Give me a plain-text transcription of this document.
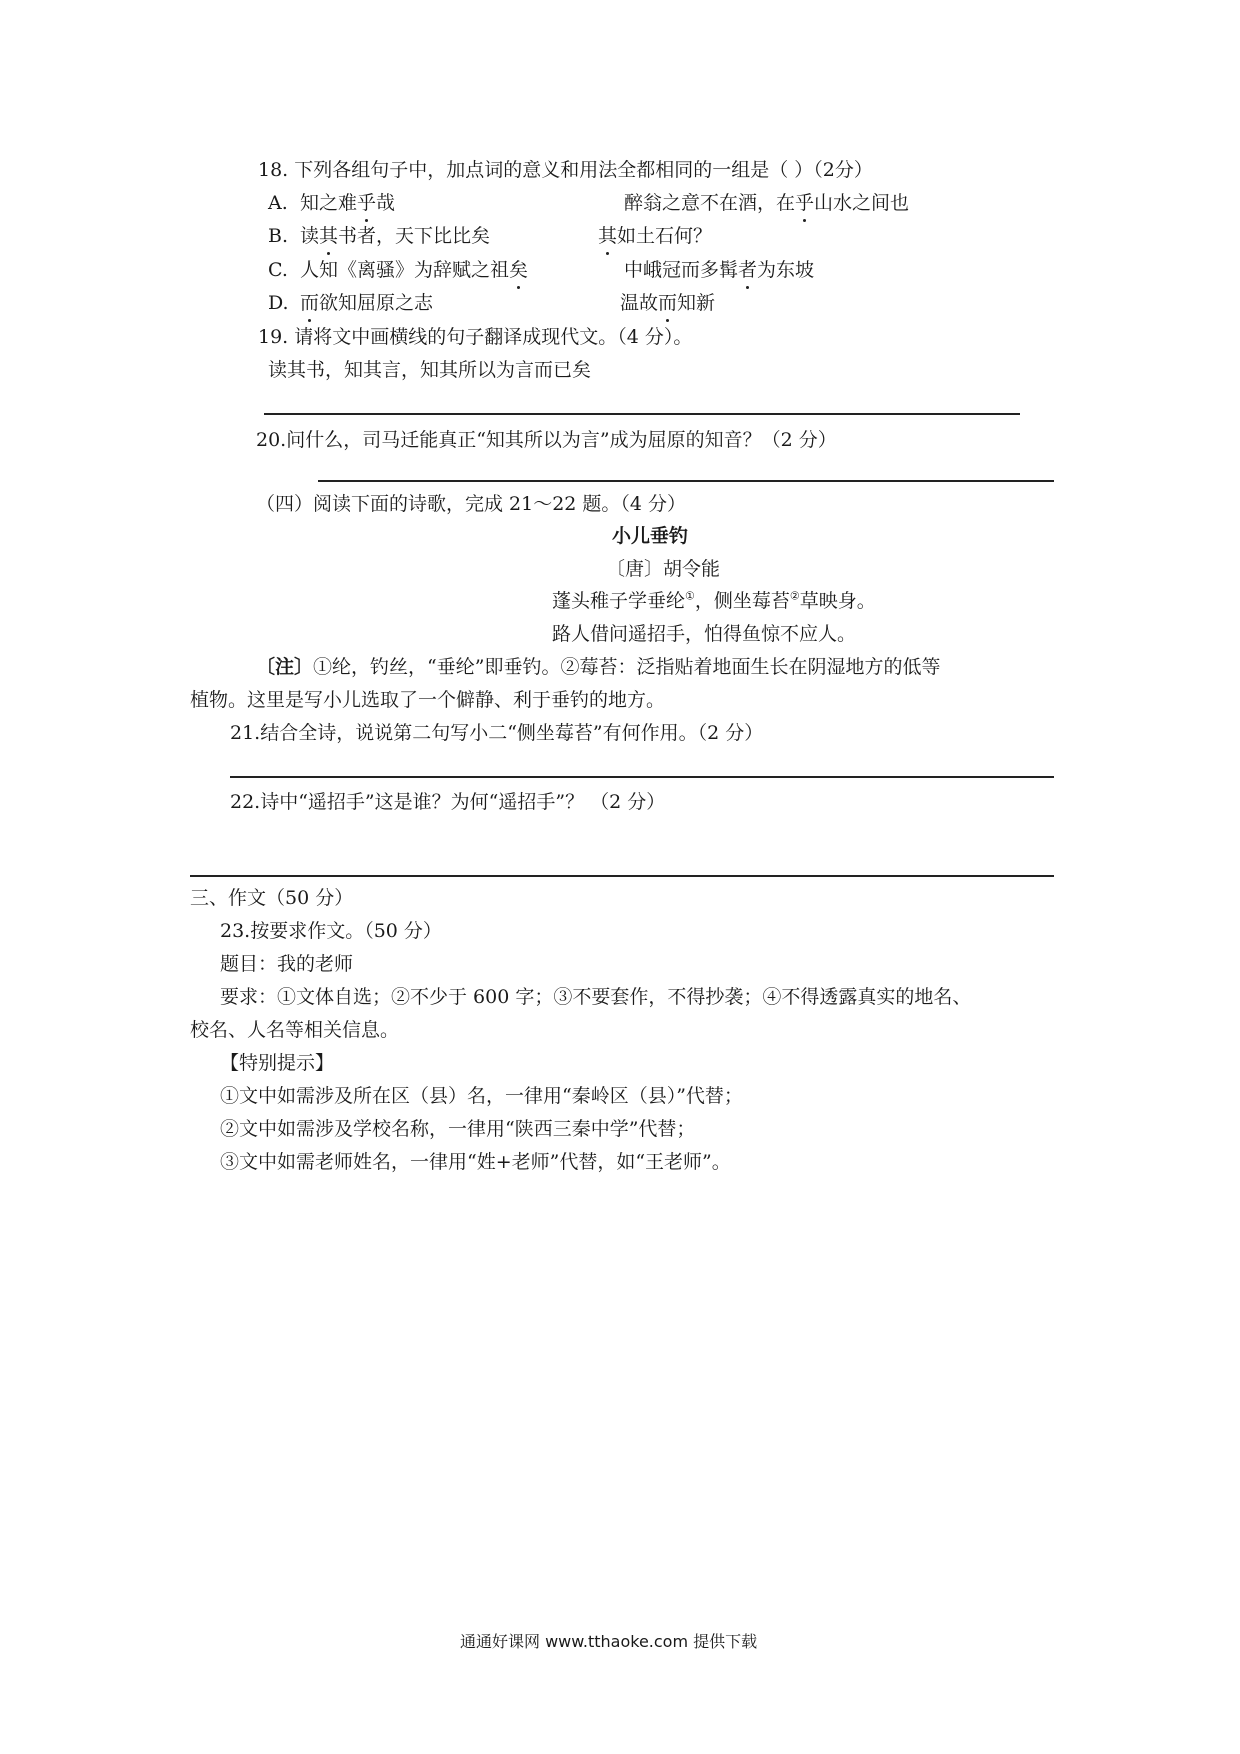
18. 下列各组句子中，加点词的意义和用法全都相同的一组是（ ）（2分）
A. 知之难乎哉	醉翁之意不在酒，在乎山水之间也
B. 读其书者，天下比比矣	其如土石何？
C. 人知《离骚》为辞赋之祖矣	中峨冠而多髯者为东坡
D. 而欲知屈原之志	温故而知新
19. 请将文中画横线的句子翻译成现代文。（4 分）。
读其书，知其言，知其所以为言而已矣
20.问什么，司马迁能真正“知其所以为言”成为屈原的知音？（2 分）
（四）阅读下面的诗歌，完成 21～22 题。（4 分）
小儿垂钓
〔唐〕胡令能
蓬头稚子学垂纶①，侧坐莓苔②草映身。
路人借问遥招手，怕得鱼惊不应人。
〔注〕①纶，钓丝，“垂纶”即垂钓。②莓苔：泛指贴着地面生长在阴湿地方的低等
植物。这里是写小儿选取了一个僻静、利于垂钓的地方。
21.结合全诗，说说第二句写小二“侧坐莓苔”有何作用。（2 分）
22.诗中“遥招手”这是谁？为何“遥招手”？ （2 分）
三、作文（50 分）
23.按要求作文。（50 分）
题目：我的老师
要求：①文体自选；②不少于 600 字；③不要套作，不得抄袭；④不得透露真实的地名、
校名、人名等相关信息。
【特别提示】
①文中如需涉及所在区（县）名，一律用“秦岭区（县）”代替；
②文中如需涉及学校名称，一律用“陕西三秦中学”代替；
③文中如需老师姓名，一律用“姓+老师”代替，如“王老师”。
通通好课网 www.tthaoke.com 提供下载
